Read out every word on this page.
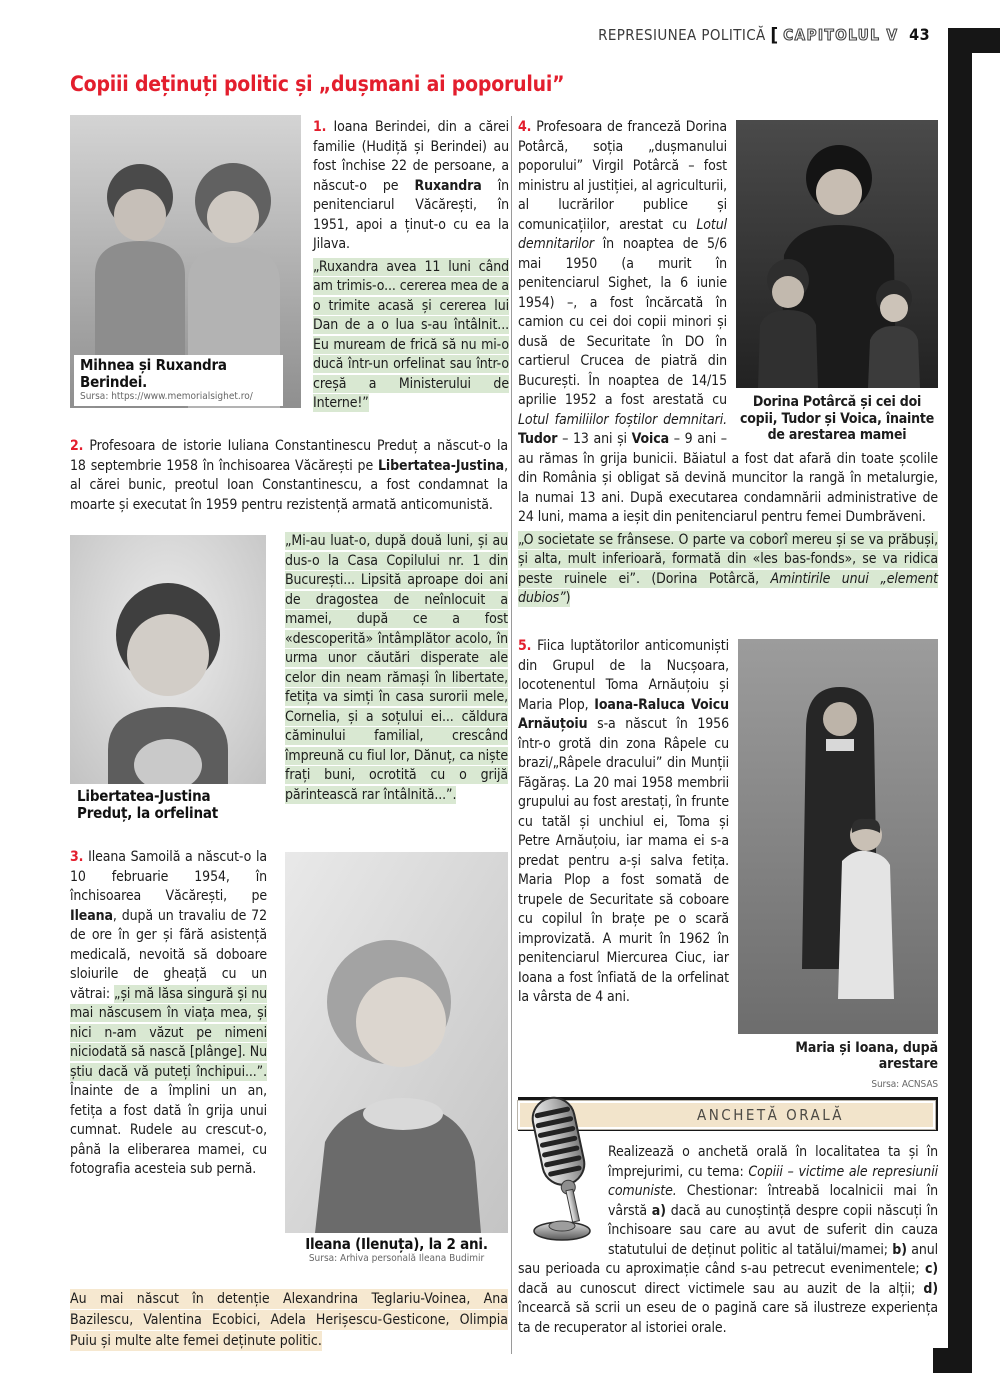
REPRESIUNEA POLITICĂ [ CAPITOLUL V 43
Copiii deținuți politic și „dușmani ai poporului”
Mihnea și Ruxandra Berindei.
Sursa: https://www.memorialsighet.ro/
1. Ioana Berindei, din a cărei familie (Hudiță și Berindei) au fost închise 22 de persoane, a născut-o pe Ruxandra în penitenciarul Văcărești, în 1951, apoi a ținut-o cu ea la Jilava.
„Ruxandra avea 11 luni când am trimis-o... cererea mea de a o trimite acasă și cererea lui Dan de a o lua s-au întâlnit... Eu muream de frică să nu mi-o ducă într-un orfelinat sau într-o creșă a Ministerului de Interne!”
2. Profesoara de istorie Iuliana Constantinescu Preduț a născut-o la 18 septembrie 1958 în închisoarea Văcărești pe Libertatea-Justina, al cărei bunic, preotul Ioan Constantinescu, a fost condamnat la moarte și executat în 1959 pentru rezistență armată anticomunistă.
Libertatea-Justina Preduț, la orfelinat
„Mi-au luat-o, după două luni, și au dus-o la Casa Copilului nr. 1 din București... Lipsită aproape doi ani de dragostea de neînlocuit a mamei, după ce a fost «descoperită» întâmplător acolo, în urma unor căutări disperate ale celor din neam rămași în libertate, fetița va simți în casa surorii mele, Cornelia, și a soțului ei... căldura căminului familial, crescând împreună cu fiul lor, Dănuț, ca niște frați buni, ocrotită cu o grijă părintească rar întâlnită...”.
3. Ileana Samoilă a născut-o la 10 februarie 1954, în închisoarea Văcărești, pe Ileana, după un travaliu de 72 de ore în ger și fără asistență medicală, nevoită să doboare sloiurile de gheață cu un vătrai: „și mă lăsa singură și nu mai născusem în viața mea, și nici n-am văzut pe nimeni niciodată să nască [plânge]. Nu știu dacă vă puteți închipui...”. Înainte de a împlini un an, fetița a fost dată în grija unui cumnat. Rudele au crescut-o, până la eliberarea mamei, cu fotografia acesteia sub pernă.
Ileana (Ilenuța), la 2 ani.
Sursa: Arhiva personală Ileana Budimir
Au mai născut în detenție Alexandrina Teglariu-Voinea, Ana Bazilescu, Valentina Ecobici, Adela Herișescu-Gesticone, Olimpia Puiu și multe alte femei deținute politic.
Dorina Potârcă și cei doi copii, Tudor și Voica, înainte de arestarea mamei
4. Profesoara de franceză Dorina Potârcă, soția „dușmanului poporului” Virgil Potârcă – fost ministru al justiției, al agriculturii, al lucrărilor publice și comunicațiilor, arestat cu Lotul demnitarilor în noaptea de 5/6 mai 1950 (a murit în penitenciarul Sighet, la 6 iunie 1954) –, a fost încărcată în camion cu cei doi copii minori și dusă de Securitate în DO în cartierul Crucea de piatră din București. În noaptea de 14/15 aprilie 1952 a fost arestată cu Lotul familiilor foștilor demnitari. Tudor – 13 ani și Voica – 9 ani – au rămas în grija bunicii. Băiatul a fost dat afară din toate școlile din România și obligat să devină muncitor la rangă în metalurgie, la numai 13 ani. După executarea condamnării administrative de 24 luni, mama a ieșit din penitenciarul pentru femei Dumbrăveni.
„O societate se frânsese. O parte va coborî mereu și se va prăbuși, și alta, mult inferioară, formată din «les bas-fonds», se va ridica peste ruinele ei”. (Dorina Potârcă, Amintirile unui „element dubios”)
Maria și Ioana, după arestare
Sursa: ACNSAS
5. Fiica luptătorilor anticomuniști din Grupul de la Nucșoara, locotenentul Toma Arnăuțoiu și Maria Plop, Ioana-Raluca Voicu Arnăuțoiu s-a născut în 1956 într-o grotă din zona Râpele cu brazi/„Râpele dracului” din Munții Făgăraș. La 20 mai 1958 membrii grupului au fost arestați, în frunte cu tatăl și unchiul ei, Toma și Petre Arnăuțoiu, iar mama ei s-a predat pentru a-și salva fetița. Maria Plop a fost somată de trupele de Securitate să coboare cu copilul în brațe pe o scară improvizată. A murit în 1962 în penitenciarul Miercurea Ciuc, iar Ioana a fost înfiată de la orfelinat la vârsta de 4 ani.
ANCHETĂ ORALĂ
Realizează o anchetă orală în localitatea ta și în împrejurimi, cu tema: Copiii – victime ale represiunii comuniste. Chestionar: întreabă localnicii mai în vârstă a) dacă au cunoștință despre copii născuți în închisoare sau care au avut de suferit din cauza statutului de deținut politic al tatălui/mamei; b) anul sau perioada cu aproximație când s-au petrecut evenimentele; c) dacă au cunoscut direct victimele sau au auzit de la alții; d) încearcă să scrii un eseu de o pagină care să ilustreze experiența ta de recuperator al istoriei orale.
